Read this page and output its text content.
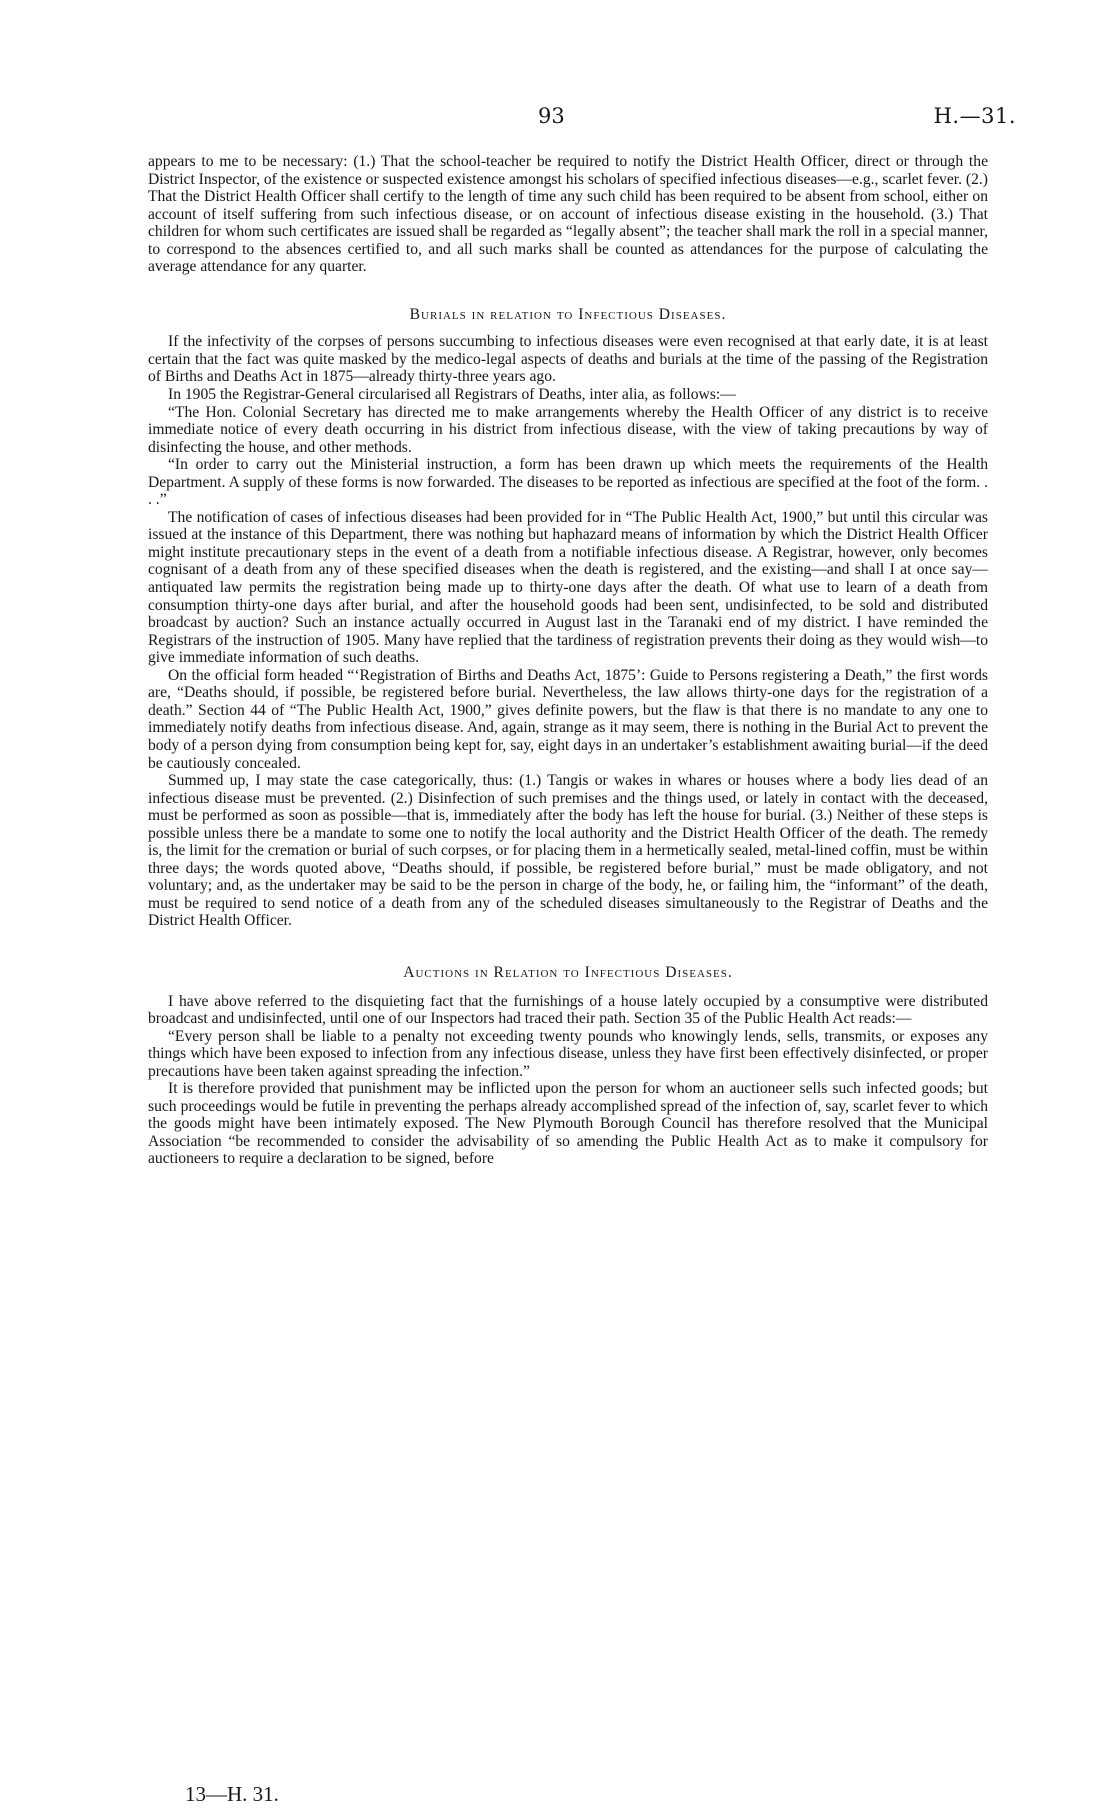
93	H.—31.

appears to me to be necessary: (1.) That the school-teacher be required to notify the District Health Officer, direct or through the District Inspector, of the existence or suspected existence amongst his scholars of specified infectious diseases—e.g., scarlet fever. (2.) That the District Health Officer shall certify to the length of time any such child has been required to be absent from school, either on account of itself suffering from such infectious disease, or on account of infectious disease existing in the household. (3.) That children for whom such certificates are issued shall be regarded as “legally absent”; the teacher shall mark the roll in a special manner, to correspond to the absences certified to, and all such marks shall be counted as attendances for the purpose of calculating the average attendance for any quarter.

Burials in relation to Infectious Diseases.

If the infectivity of the corpses of persons succumbing to infectious diseases were even recognised at that early date, it is at least certain that the fact was quite masked by the medico-legal aspects of deaths and burials at the time of the passing of the Registration of Births and Deaths Act in 1875—already thirty-three years ago.

In 1905 the Registrar-General circularised all Registrars of Deaths, inter alia, as follows:—

“The Hon. Colonial Secretary has directed me to make arrangements whereby the Health Officer of any district is to receive immediate notice of every death occurring in his district from infectious disease, with the view of taking precautions by way of disinfecting the house, and other methods.

“In order to carry out the Ministerial instruction, a form has been drawn up which meets the requirements of the Health Department. A supply of these forms is now forwarded. The diseases to be reported as infectious are specified at the foot of the form. . . .”

The notification of cases of infectious diseases had been provided for in “The Public Health Act, 1900,” but until this circular was issued at the instance of this Department, there was nothing but haphazard means of information by which the District Health Officer might institute precautionary steps in the event of a death from a notifiable infectious disease. A Registrar, however, only becomes cognisant of a death from any of these specified diseases when the death is registered, and the existing—and shall I at once say—antiquated law permits the registration being made up to thirty-one days after the death. Of what use to learn of a death from consumption thirty-one days after burial, and after the household goods had been sent, undisinfected, to be sold and distributed broadcast by auction? Such an instance actually occurred in August last in the Taranaki end of my district. I have reminded the Registrars of the instruction of 1905. Many have replied that the tardiness of registration prevents their doing as they would wish—to give immediate information of such deaths.

On the official form headed “‘Registration of Births and Deaths Act, 1875’: Guide to Persons registering a Death,” the first words are, “Deaths should, if possible, be registered before burial. Nevertheless, the law allows thirty-one days for the registration of a death.” Section 44 of “The Public Health Act, 1900,” gives definite powers, but the flaw is that there is no mandate to any one to immediately notify deaths from infectious disease. And, again, strange as it may seem, there is nothing in the Burial Act to prevent the body of a person dying from consumption being kept for, say, eight days in an undertaker’s establishment awaiting burial—if the deed be cautiously concealed.

Summed up, I may state the case categorically, thus: (1.) Tangis or wakes in whares or houses where a body lies dead of an infectious disease must be prevented. (2.) Disinfection of such premises and the things used, or lately in contact with the deceased, must be performed as soon as possible—that is, immediately after the body has left the house for burial. (3.) Neither of these steps is possible unless there be a mandate to some one to notify the local authority and the District Health Officer of the death. The remedy is, the limit for the cremation or burial of such corpses, or for placing them in a hermetically sealed, metal-lined coffin, must be within three days; the words quoted above, “Deaths should, if possible, be registered before burial,” must be made obligatory, and not voluntary; and, as the undertaker may be said to be the person in charge of the body, he, or failing him, the “informant” of the death, must be required to send notice of a death from any of the scheduled diseases simultaneously to the Registrar of Deaths and the District Health Officer.

Auctions in Relation to Infectious Diseases.

I have above referred to the disquieting fact that the furnishings of a house lately occupied by a consumptive were distributed broadcast and undisinfected, until one of our Inspectors had traced their path. Section 35 of the Public Health Act reads:—

“Every person shall be liable to a penalty not exceeding twenty pounds who knowingly lends, sells, transmits, or exposes any things which have been exposed to infection from any infectious disease, unless they have first been effectively disinfected, or proper precautions have been taken against spreading the infection.”

It is therefore provided that punishment may be inflicted upon the person for whom an auctioneer sells such infected goods; but such proceedings would be futile in preventing the perhaps already accomplished spread of the infection of, say, scarlet fever to which the goods might have been intimately exposed. The New Plymouth Borough Council has therefore resolved that the Municipal Association “be recommended to consider the advisability of so amending the Public Health Act as to make it compulsory for auctioneers to require a declaration to be signed, before

13—H. 31.
